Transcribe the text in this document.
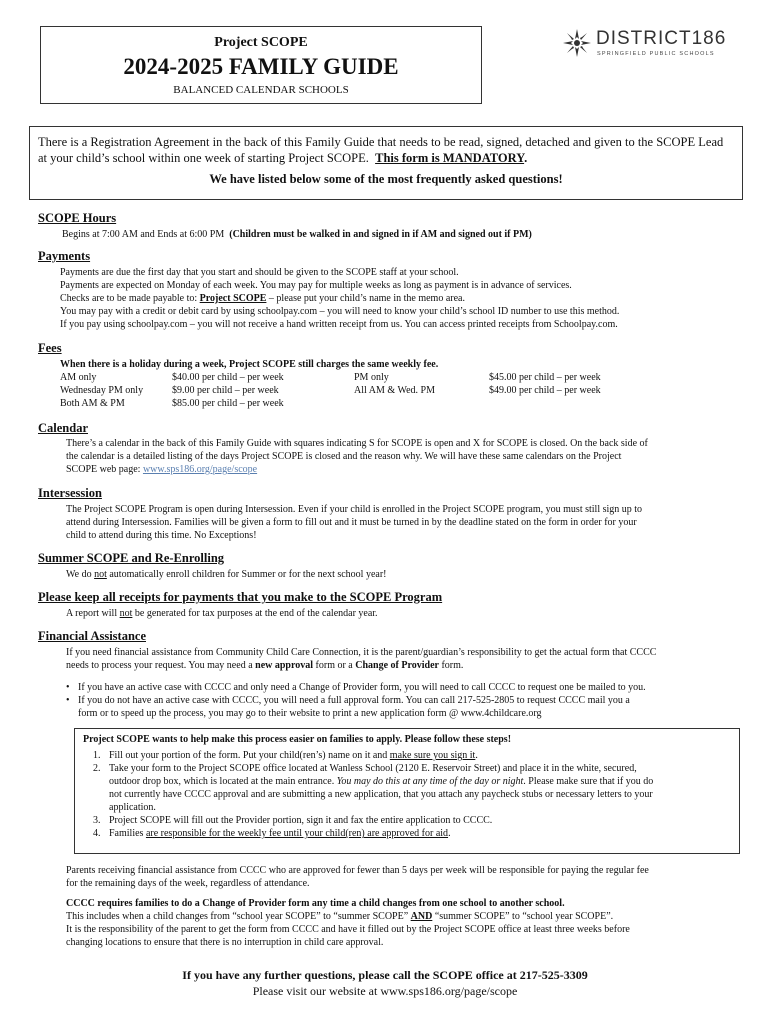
Project SCOPE
2024-2025 FAMILY GUIDE
BALANCED CALENDAR SCHOOLS
DISTRICT186
SPRINGFIELD PUBLIC SCHOOLS
There is a Registration Agreement in the back of this Family Guide that needs to be read, signed, detached and given to the SCOPE Lead at your child’s school within one week of starting Project SCOPE. This form is MANDATORY.
We have listed below some of the most frequently asked questions!
SCOPE Hours
Begins at 7:00 AM and Ends at 6:00 PM (Children must be walked in and signed in if AM and signed out if PM)
Payments
Payments are due the first day that you start and should be given to the SCOPE staff at your school.
Payments are expected on Monday of each week. You may pay for multiple weeks as long as payment is in advance of services.
Checks are to be made payable to: Project SCOPE – please put your child’s name in the memo area.
You may pay with a credit or debit card by using schoolpay.com – you will need to know your child’s school ID number to use this method.
If you pay using schoolpay.com – you will not receive a hand written receipt from us. You can access printed receipts from Schoolpay.com.
Fees
When there is a holiday during a week, Project SCOPE still charges the same weekly fee.
AM only
Wednesday PM only
Both AM & PM
$40.00 per child – per week
$9.00 per child – per week
$85.00 per child – per week
PM only
All AM & Wed. PM
$45.00 per child – per week
$49.00 per child – per week
Calendar
There’s a calendar in the back of this Family Guide with squares indicating S for SCOPE is open and X for SCOPE is closed. On the back side of
the calendar is a detailed listing of the days Project SCOPE is closed and the reason why. We will have these same calendars on the Project
SCOPE web page: www.sps186.org/page/scope
Intersession
The Project SCOPE Program is open during Intersession. Even if your child is enrolled in the Project SCOPE program, you must still sign up to
attend during Intersession. Families will be given a form to fill out and it must be turned in by the deadline stated on the form in order for your
child to attend during this time. No Exceptions!
Summer SCOPE and Re-Enrolling
We do not automatically enroll children for Summer or for the next school year!
Please keep all receipts for payments that you make to the SCOPE Program
A report will not be generated for tax purposes at the end of the calendar year.
Financial Assistance
If you need financial assistance from Community Child Care Connection, it is the parent/guardian’s responsibility to get the actual form that CCCC
needs to process your request. You may need a new approval form or a Change of Provider form.
• If you have an active case with CCCC and only need a Change of Provider form, you will need to call CCCC to request one be mailed to you.
• If you do not have an active case with CCCC, you will need a full approval form. You can call 217-525-2805 to request CCCC mail you a
form or to speed up the process, you may go to their website to print a new application form @ www.4childcare.org
Project SCOPE wants to help make this process easier on families to apply. Please follow these steps!
1. Fill out your portion of the form. Put your child(ren’s) name on it and make sure you sign it.
2. Take your form to the Project SCOPE office located at Wanless School (2120 E. Reservoir Street) and place it in the white, secured,
outdoor drop box, which is located at the main entrance. You may do this at any time of the day or night. Please make sure that if you do
not currently have CCCC approval and are submitting a new application, that you attach any paycheck stubs or necessary letters to your
application.
3. Project SCOPE will fill out the Provider portion, sign it and fax the entire application to CCCC.
4. Families are responsible for the weekly fee until your child(ren) are approved for aid.
Parents receiving financial assistance from CCCC who are approved for fewer than 5 days per week will be responsible for paying the regular fee
for the remaining days of the week, regardless of attendance.
CCCC requires families to do a Change of Provider form any time a child changes from one school to another school.
This includes when a child changes from “school year SCOPE” to “summer SCOPE” AND “summer SCOPE” to “school year SCOPE”.
It is the responsibility of the parent to get the form from CCCC and have it filled out by the Project SCOPE office at least three weeks before
changing locations to ensure that there is no interruption in child care approval.
If you have any further questions, please call the SCOPE office at 217-525-3309
Please visit our website at www.sps186.org/page/scope
